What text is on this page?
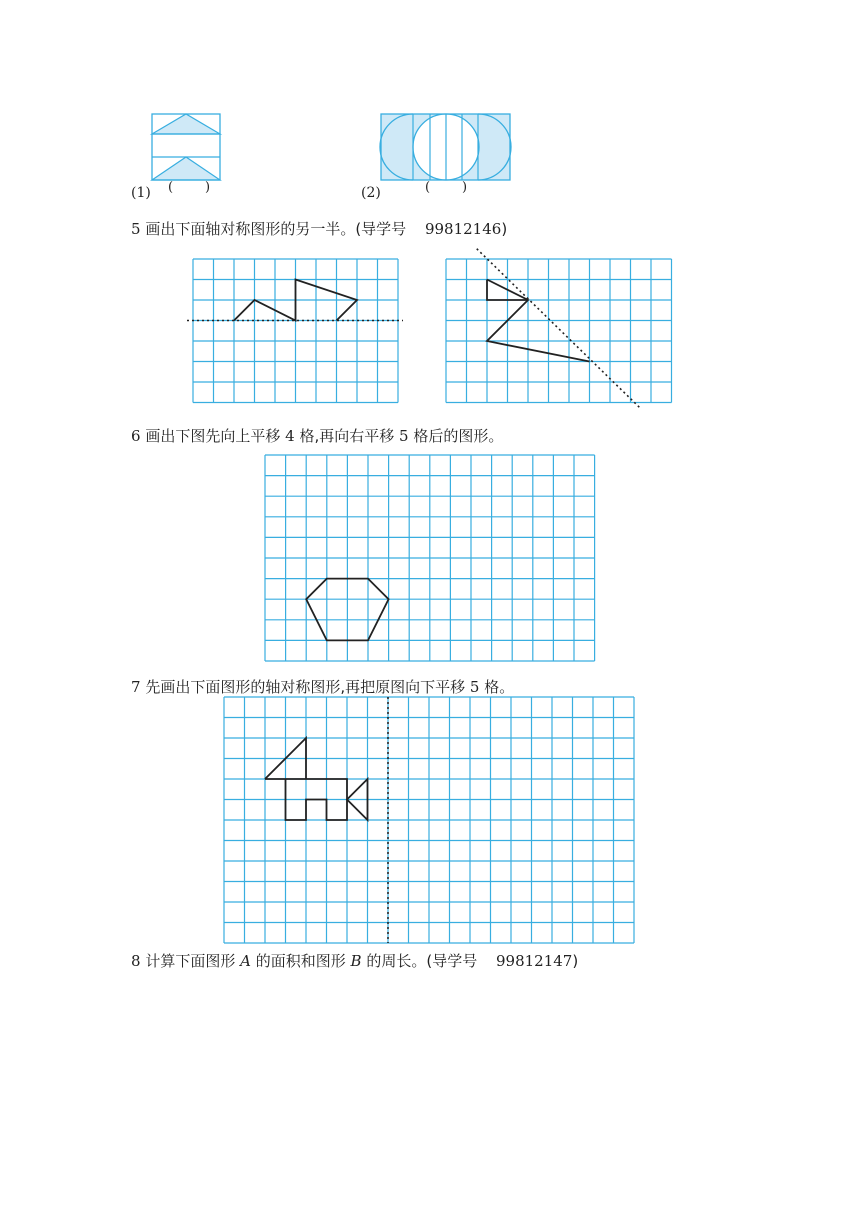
(1) ( )	(2)	( )
5 画出下面轴对称图形的另一半。(导学号 99812146)
6 画出下图先向上平移 4 格,再向右平移 5 格后的图形。
7 先画出下面图形的轴对称图形,再把原图向下平移 5 格。
8 计算下面图形 A 的面积和图形 B 的周长。(导学号 99812147)
